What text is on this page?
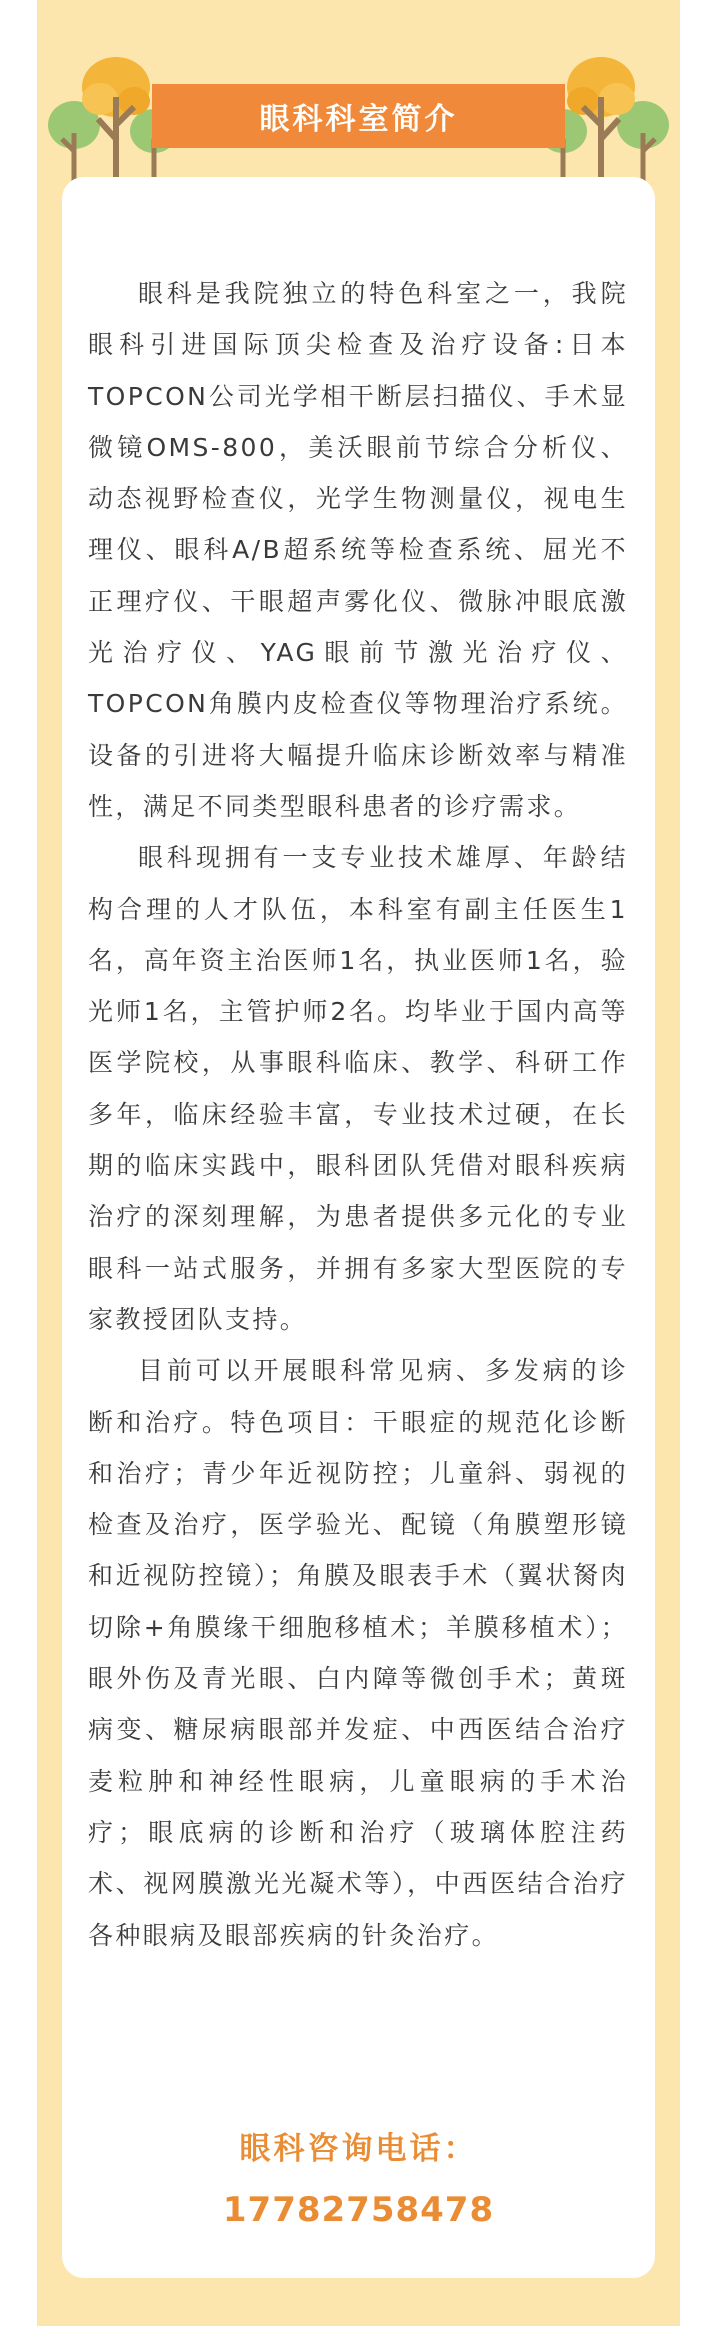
眼科科室简介

眼科是我院独立的特色科室之一，我院眼科引进国际顶尖检查及治疗设备:日本TOPCON公司光学相干断层扫描仪、手术显微镜OMS-800，美沃眼前节综合分析仪、动态视野检查仪，光学生物测量仪，视电生理仪、眼科A/B超系统等检查系统、屈光不正理疗仪、干眼超声雾化仪、微脉冲眼底激光治疗仪、YAG眼前节激光治疗仪、TOPCON角膜内皮检查仪等物理治疗系统。设备的引进将大幅提升临床诊断效率与精准性，满足不同类型眼科患者的诊疗需求。

眼科现拥有一支专业技术雄厚、年龄结构合理的人才队伍，本科室有副主任医生1名，高年资主治医师1名，执业医师1名，验光师1名，主管护师2名。均毕业于国内高等医学院校，从事眼科临床、教学、科研工作多年，临床经验丰富，专业技术过硬，在长期的临床实践中，眼科团队凭借对眼科疾病治疗的深刻理解，为患者提供多元化的专业眼科一站式服务，并拥有多家大型医院的专家教授团队支持。

目前可以开展眼科常见病、多发病的诊断和治疗。特色项目：干眼症的规范化诊断和治疗；青少年近视防控；儿童斜、弱视的检查及治疗，医学验光、配镜（角膜塑形镜和近视防控镜）；角膜及眼表手术（翼状胬肉切除+角膜缘干细胞移植术；羊膜移植术）；眼外伤及青光眼、白内障等微创手术；黄斑病变、糖尿病眼部并发症、中西医结合治疗麦粒肿和神经性眼病，儿童眼病的手术治疗；眼底病的诊断和治疗（玻璃体腔注药术、视网膜激光光凝术等），中西医结合治疗各种眼病及眼部疾病的针灸治疗。

眼科咨询电话：
17782758478
